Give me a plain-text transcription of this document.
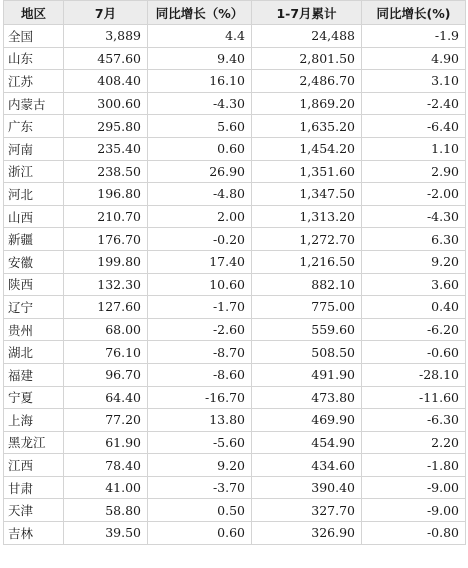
地区	7月	同比增长（%）	1-7月累计	同比增长(%)
全国	3,889	4.4	24,488	-1.9
山东	457.60	9.40	2,801.50	4.90
江苏	408.40	16.10	2,486.70	3.10
内蒙古	300.60	-4.30	1,869.20	-2.40
广东	295.80	5.60	1,635.20	-6.40
河南	235.40	0.60	1,454.20	1.10
浙江	238.50	26.90	1,351.60	2.90
河北	196.80	-4.80	1,347.50	-2.00
山西	210.70	2.00	1,313.20	-4.30
新疆	176.70	-0.20	1,272.70	6.30
安徽	199.80	17.40	1,216.50	9.20
陕西	132.30	10.60	882.10	3.60
辽宁	127.60	-1.70	775.00	0.40
贵州	68.00	-2.60	559.60	-6.20
湖北	76.10	-8.70	508.50	-0.60
福建	96.70	-8.60	491.90	-28.10
宁夏	64.40	-16.70	473.80	-11.60
上海	77.20	13.80	469.90	-6.30
黑龙江	61.90	-5.60	454.90	2.20
江西	78.40	9.20	434.60	-1.80
甘肃	41.00	-3.70	390.40	-9.00
天津	58.80	0.50	327.70	-9.00
吉林	39.50	0.60	326.90	-0.80
